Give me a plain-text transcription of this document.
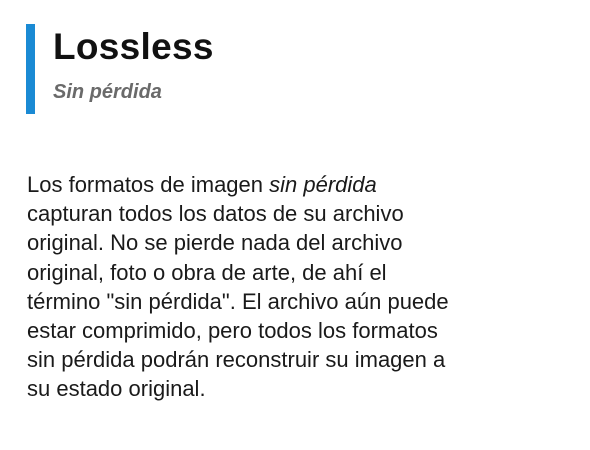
Lossless
Sin pérdida

Los formatos de imagen sin pérdida
capturan todos los datos de su archivo
original. No se pierde nada del archivo
original, foto o obra de arte, de ahí el
término "sin pérdida". El archivo aún puede
estar comprimido, pero todos los formatos
sin pérdida podrán reconstruir su imagen a
su estado original.
